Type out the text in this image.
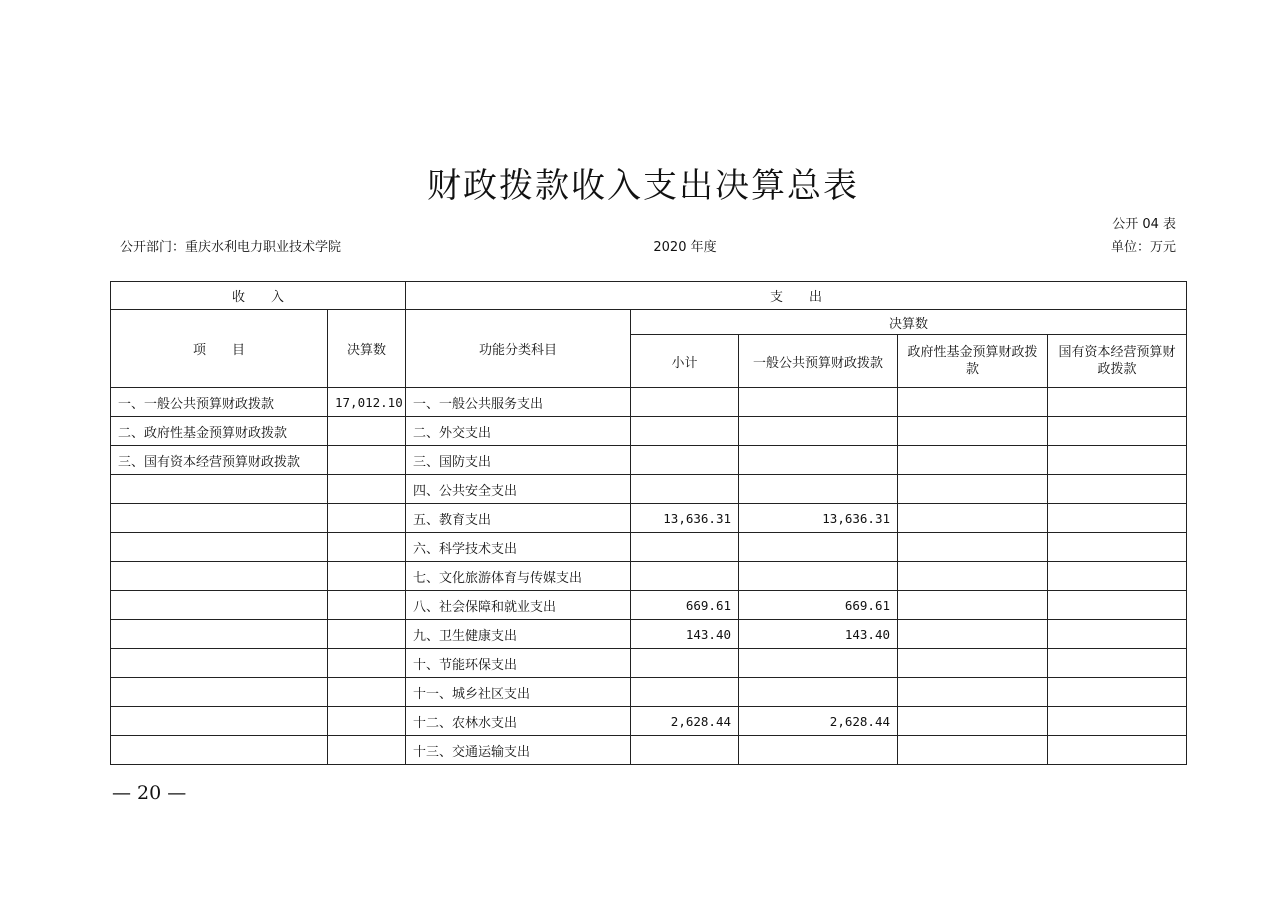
财政拨款收入支出决算总表
公开 04 表
公开部门：重庆水利电力职业技术学院	2020 年度	单位：万元
收　　入		支　　出				
项　　目	决算数	功能分类科目	决算数			
			小计	一般公共预算财政拨款	政府性基金预算财政拨款	国有资本经营预算财政拨款
一、一般公共预算财政拨款	17,012.10	一、一般公共服务支出				
二、政府性基金预算财政拨款		二、外交支出				
三、国有资本经营预算财政拨款		三、国防支出				
		四、公共安全支出				
		五、教育支出	13,636.31	13,636.31		
		六、科学技术支出				
		七、文化旅游体育与传媒支出				
		八、社会保障和就业支出	669.61	669.61		
		九、卫生健康支出	143.40	143.40		
		十、节能环保支出				
		十一、城乡社区支出				
		十二、农林水支出	2,628.44	2,628.44		
		十三、交通运输支出				
— 20 —
